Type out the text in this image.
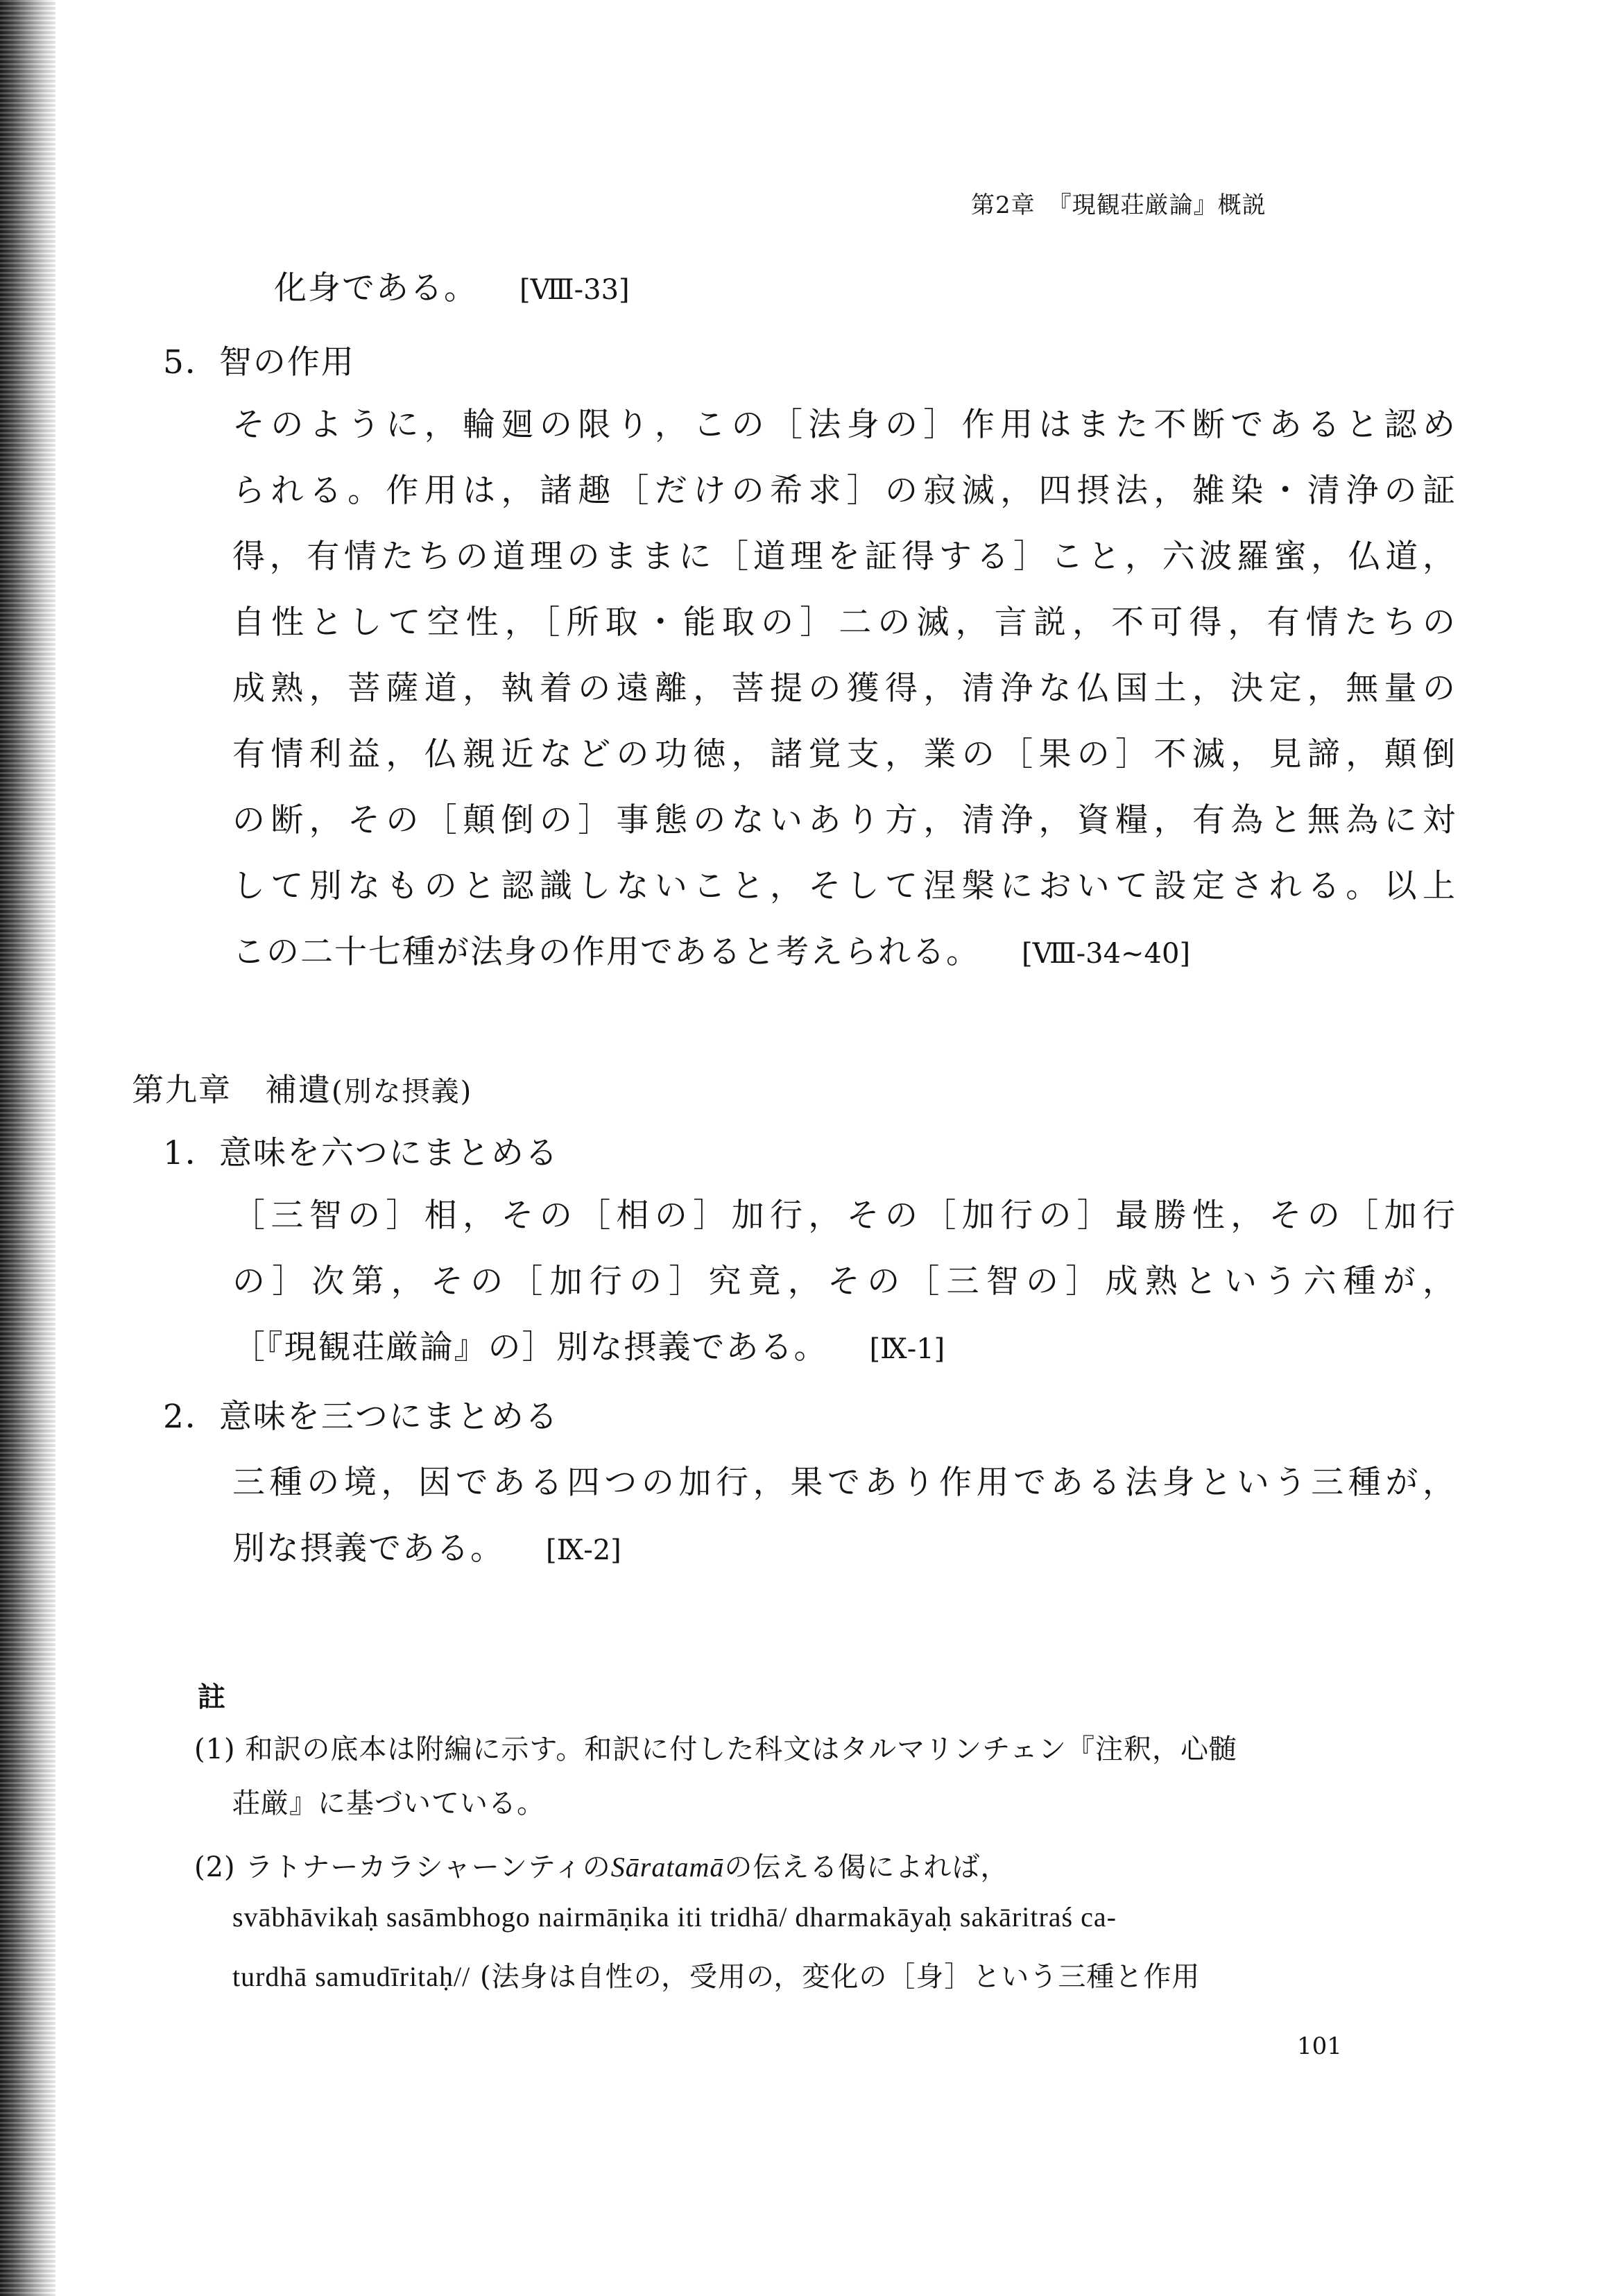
第2章　『現観荘厳論』概説
化身である。 [Ⅷ-33]
5．智の作用
そのように，輪廻の限り，この［法身の］作用はまた不断であると認め
られる。作用は，諸趣［だけの希求］の寂滅，四摂法，雑染・清浄の証
得，有情たちの道理のままに［道理を証得する］こと，六波羅蜜，仏道，
自性として空性，［所取・能取の］二の滅，言説，不可得，有情たちの
成熟，菩薩道，執着の遠離，菩提の獲得，清浄な仏国土，決定，無量の
有情利益，仏親近などの功徳，諸覚支，業の［果の］不滅，見諦，顛倒
の断，その［顛倒の］事態のないあり方，清浄，資糧，有為と無為に対
して別なものと認識しないこと，そして涅槃において設定される。以上
この二十七種が法身の作用であると考えられる。 [Ⅷ-34~40]
第九章　補遺(別な摂義)
1．意味を六つにまとめる
［三智の］相，その［相の］加行，その［加行の］最勝性，その［加行
の］次第，その［加行の］究竟，その［三智の］成熟という六種が，
［『現観荘厳論』の］別な摂義である。 [Ⅸ-1]
2．意味を三つにまとめる
三種の境，因である四つの加行，果であり作用である法身という三種が，
別な摂義である。 [Ⅸ-2]
註
(1) 和訳の底本は附編に示す。和訳に付した科文はタルマリンチェン『注釈，心髄
荘厳』に基づいている。
(2) ラトナーカラシャーンティのSāratamāの伝える偈によれば，
svābhāvikaḥ sasāmbhogo nairmāṇika iti tridhā/ dharmakāyaḥ sakāritraś ca-
turdhā samudīritaḥ// (法身は自性の，受用の，変化の［身］という三種と作用
101
